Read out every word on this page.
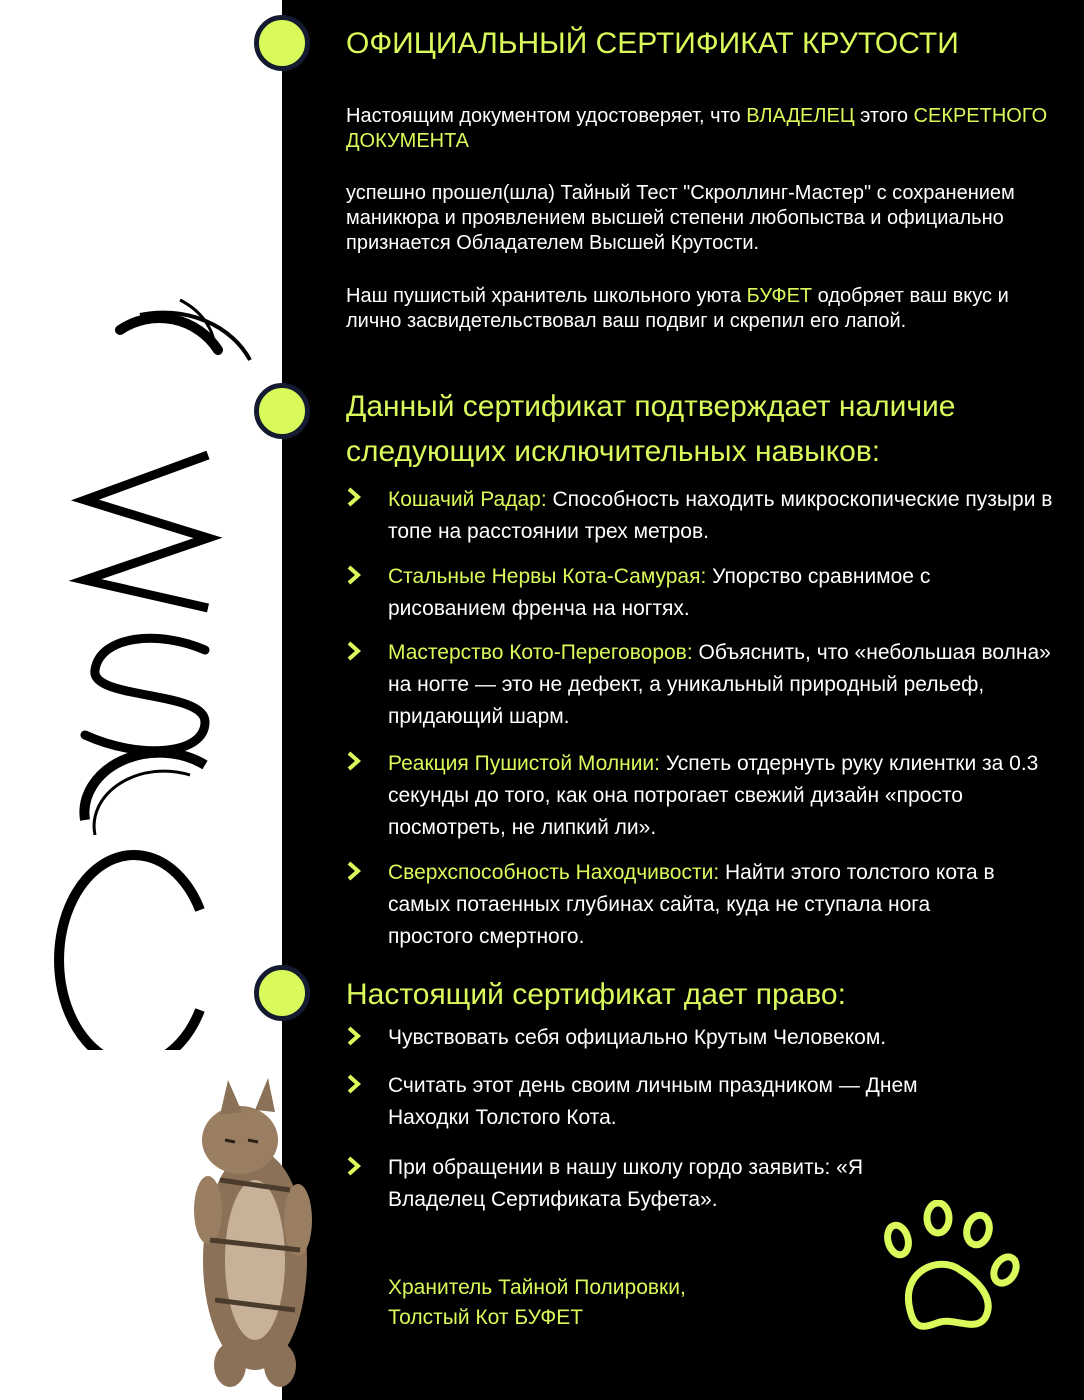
ОФИЦИАЛЬНЫЙ СЕРТИФИКАТ КРУТОСТИ
Настоящим документом удостоверяет, что ВЛАДЕЛЕЦ этого СЕКРЕТНОГО ДОКУМЕНТА
успешно прошел(шла) Тайный Тест "Скроллинг-Мастер" с сохранением маникюра и проявлением высшей степени любопыства и официально признается Обладателем Высшей Крутости.
Наш пушистый хранитель школьного уюта БУФЕТ одобряет ваш вкус и лично засвидетельствовал ваш подвиг и скрепил его лапой.
Данный сертификат подтверждает наличие следующих исключительных навыков:
Кошачий Радар: Способность находить микроскопические пузыри в топе на расстоянии трех метров.
Стальные Нервы Кота-Самурая: Упорство сравнимое с рисованием френча на ногтях.
Мастерство Кото-Переговоров: Объяснить, что «небольшая волна» на ногте — это не дефект, а уникальный природный рельеф, придающий шарм.
Реакция Пушистой Молнии: Успеть отдернуть руку клиентки за 0.3 секунды до того, как она потрогает свежий дизайн «просто посмотреть, не липкий ли».
Сверхспособность Находчивости: Найти этого толстого кота в самых потаенных глубинах сайта, куда не ступала нога простого смертного.
Настоящий сертификат дает право:
Чувствовать себя официально Крутым Человеком.
Считать этот день своим личным праздником — Днем Находки Толстого Кота.
При обращении в нашу школу гордо заявить: «Я Владелец Сертификата Буфета».
Хранитель Тайной Полировки,
Толстый Кот БУФЕТ
